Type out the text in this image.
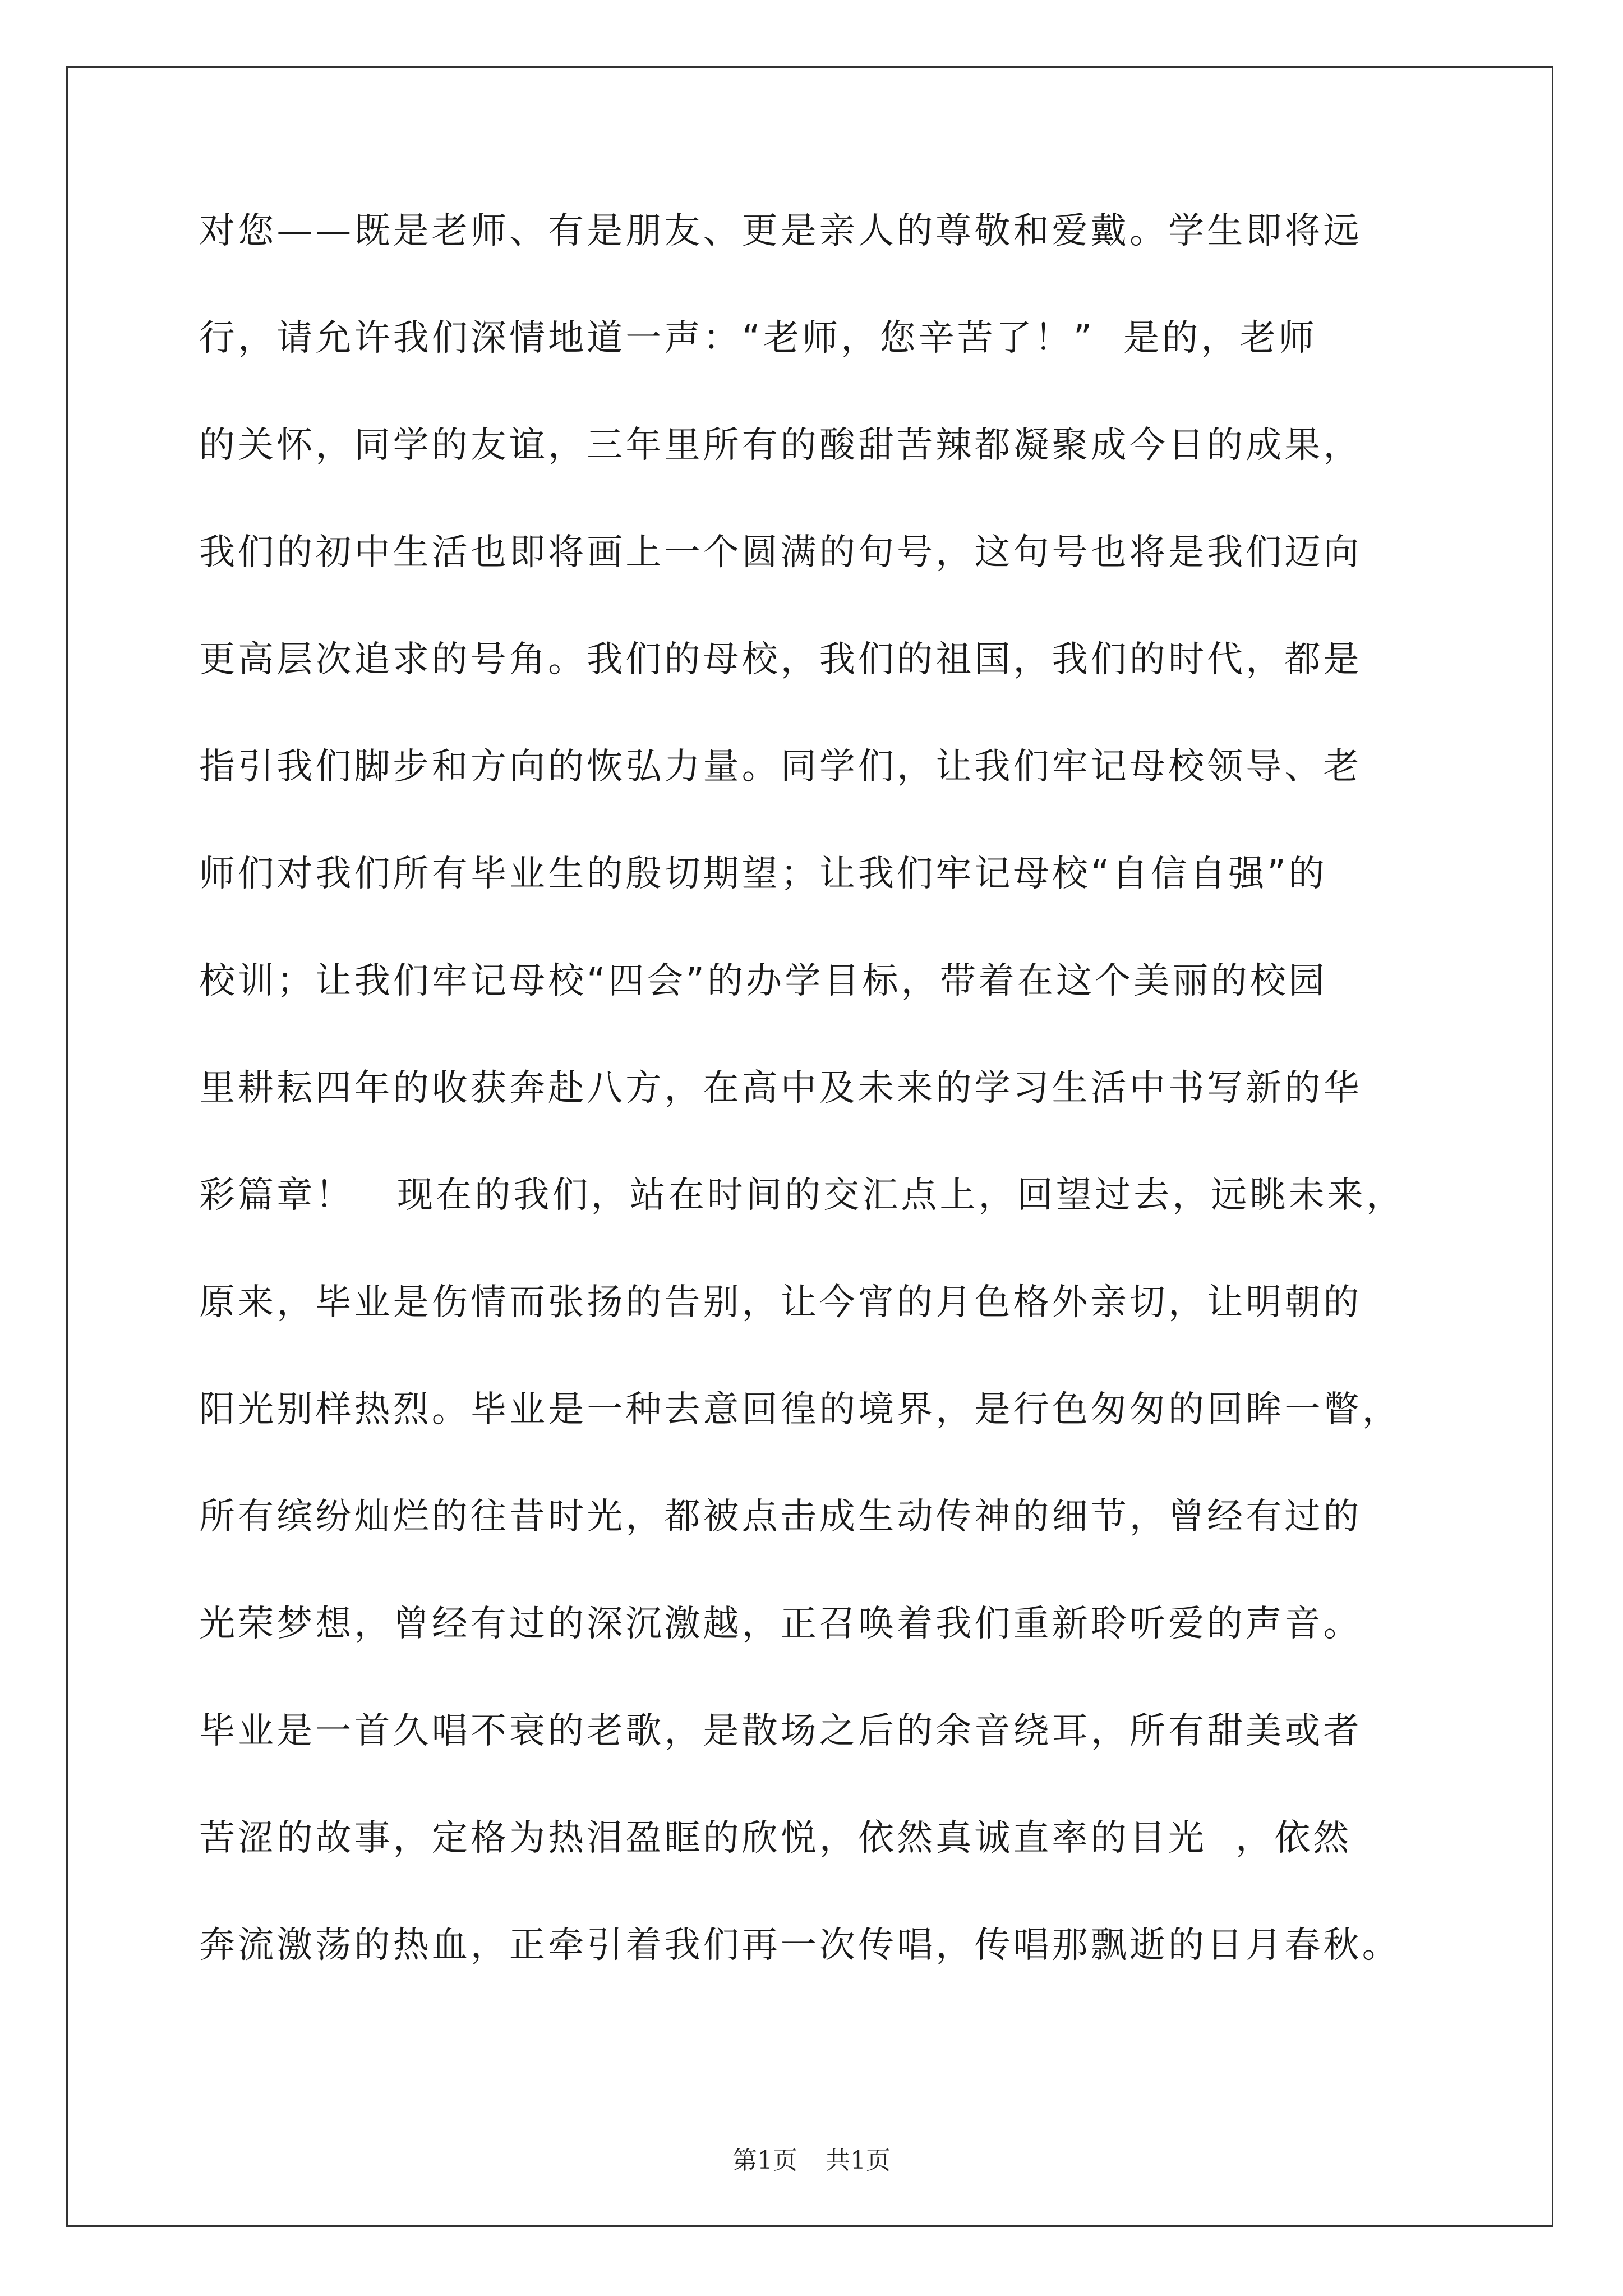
对您——既是老师、有是朋友、更是亲人的尊敬和爱戴。学生即将远
行，请允许我们深情地道一声：“老师，您辛苦了！”  是的，老师
的关怀，同学的友谊，三年里所有的酸甜苦辣都凝聚成今日的成果，
我们的初中生活也即将画上一个圆满的句号，这句号也将是我们迈向
更高层次追求的号角。我们的母校，我们的祖国，我们的时代，都是
指引我们脚步和方向的恢弘力量。同学们，让我们牢记母校领导、老
师们对我们所有毕业生的殷切期望；让我们牢记母校“自信自强”的
校训；让我们牢记母校“四会”的办学目标，带着在这个美丽的校园
里耕耘四年的收获奔赴八方，在高中及未来的学习生活中书写新的华
彩篇章！   现在的我们，站在时间的交汇点上，回望过去，远眺未来，
原来，毕业是伤情而张扬的告别，让今宵的月色格外亲切，让明朝的
阳光别样热烈。毕业是一种去意回徨的境界，是行色匆匆的回眸一瞥，
所有缤纷灿烂的往昔时光，都被点击成生动传神的细节，曾经有过的
光荣梦想，曾经有过的深沉激越，正召唤着我们重新聆听爱的声音。
毕业是一首久唱不衰的老歌，是散场之后的余音绕耳，所有甜美或者
苦涩的故事，定格为热泪盈眶的欣悦，依然真诚直率的目光  ，依然
奔流激荡的热血，正牵引着我们再一次传唱，传唱那飘逝的日月春秋。
第1页 共1页
